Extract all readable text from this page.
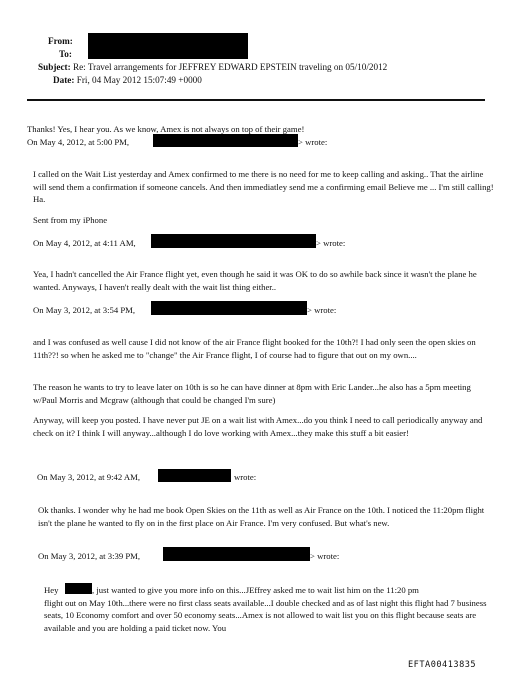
From:
To:
Subject: Re: Travel arrangements for JEFFREY EDWARD EPSTEIN traveling on 05/10/2012
Date: Fri, 04 May 2012 15:07:49 +0000
Thanks! Yes, I hear you. As we know, Amex is not always on top of their game!
On May 4, 2012, at 5:00 PM,	> wrote:
I called on the Wait List yesterday and Amex confirmed to me there is no need for me to keep calling and asking.. That the airline will send them a confirmation if someone cancels. And then immediatley send me a confirming email Believe me ... I'm still calling! Ha.
Sent from my iPhone
On May 4, 2012, at 4:11 AM,	> wrote:
Yea, I hadn't cancelled the Air France flight yet, even though he said it was OK to do so awhile back since it wasn't the plane he wanted. Anyways, I haven't really dealt with the wait list thing either..
On May 3, 2012, at 3:54 PM,	> wrote:
and I was confused as well cause I did not know of the air France flight booked for the 10th?! I had only seen the open skies on 11th??! so when he asked me to "change" the Air France flight, I of course had to figure that out on my own....
The reason he wants to try to leave later on 10th is so he can have dinner at 8pm with Eric Lander...he also has a 5pm meeting w/Paul Morris and Mcgraw (although that could be changed I'm sure)
Anyway, will keep you posted. I have never put JE on a wait list with Amex...do you think I need to call periodically anyway and check on it? I think I will anyway...although I do love working with Amex...they make this stuff a bit easier!
On May 3, 2012, at 9:42 AM,	wrote:
Ok thanks. I wonder why he had me book Open Skies on the 11th as well as Air France on the 10th. I noticed the 11:20pm flight isn't the plane he wanted to fly on in the first place on Air France. I'm very confused. But what's new.
On May 3, 2012, at 3:39 PM,	> wrote:
Hey	, just wanted to give you more info on this...JEffrey asked me to wait list him on the 11:20 pm
flight out on May 10th...there were no first class seats available...I double checked and as of last night this flight had 7 business seats, 10 Economy comfort and over 50 economy seats...Amex is not allowed to wait list you on this flight because seats are available and you are holding a paid ticket now. You
EFTA00413835
